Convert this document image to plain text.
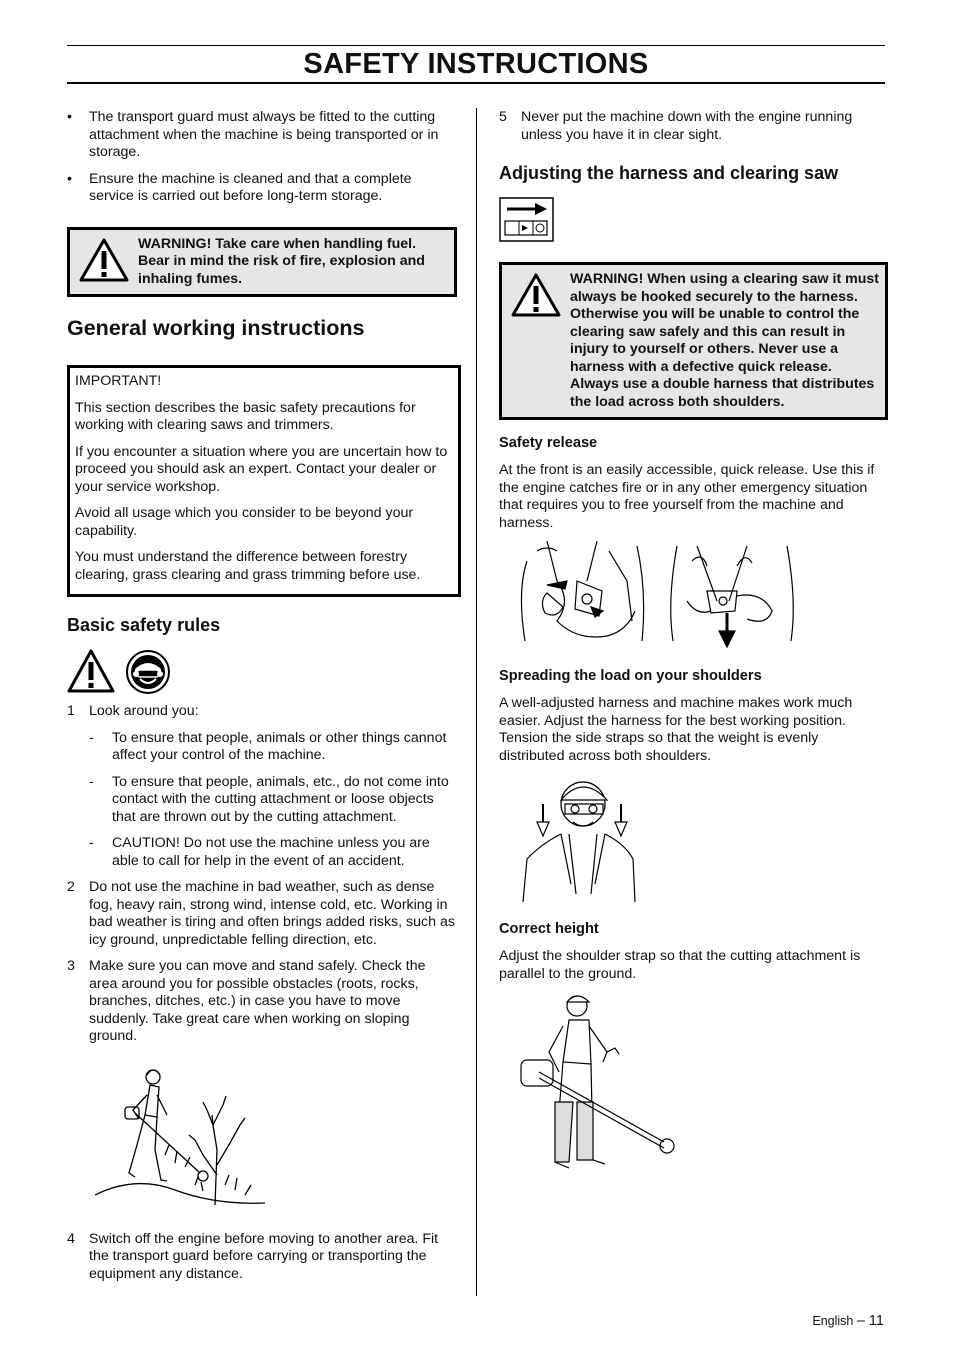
SAFETY INSTRUCTIONS
•	The transport guard must always be fitted to the cutting attachment when the machine is being transported or in storage.
•	Ensure the machine is cleaned and that a complete service is carried out before long-term storage.
WARNING! Take care when handling fuel. Bear in mind the risk of fire, explosion and inhaling fumes.
General working instructions

IMPORTANT!

This section describes the basic safety precautions for working with clearing saws and trimmers.

If you encounter a situation where you are uncertain how to proceed you should ask an expert. Contact your dealer or your service workshop.

Avoid all usage which you consider to be beyond your capability.

You must understand the difference between forestry clearing, grass clearing and grass trimming before use.

Basic safety rules
1 Look around you:
-	To ensure that people, animals or other things cannot affect your control of the machine.
-	To ensure that people, animals, etc., do not come into contact with the cutting attachment or loose objects that are thrown out by the cutting attachment.
-	CAUTION! Do not use the machine unless you are able to call for help in the event of an accident.
2 Do not use the machine in bad weather, such as dense fog, heavy rain, strong wind, intense cold, etc. Working in bad weather is tiring and often brings added risks, such as icy ground, unpredictable felling direction, etc.
3 Make sure you can move and stand safely. Check the area around you for possible obstacles (roots, rocks, branches, ditches, etc.) in case you have to move suddenly. Take great care when working on sloping ground.
4 Switch off the engine before moving to another area. Fit the transport guard before carrying or transporting the equipment any distance.
5 Never put the machine down with the engine running unless you have it in clear sight.
Adjusting the harness and clearing saw
WARNING! When using a clearing saw it must always be hooked securely to the harness. Otherwise you will be unable to control the clearing saw safely and this can result in injury to yourself or others. Never use a harness with a defective quick release. Always use a double harness that distributes the load across both shoulders.
Safety release

At the front is an easily accessible, quick release. Use this if the engine catches fire or in any other emergency situation that requires you to free yourself from the machine and harness.

Spreading the load on your shoulders

A well-adjusted harness and machine makes work much easier. Adjust the harness for the best working position. Tension the side straps so that the weight is evenly distributed across both shoulders.

Correct height

Adjust the shoulder strap so that the cutting attachment is parallel to the ground.

English – 11
